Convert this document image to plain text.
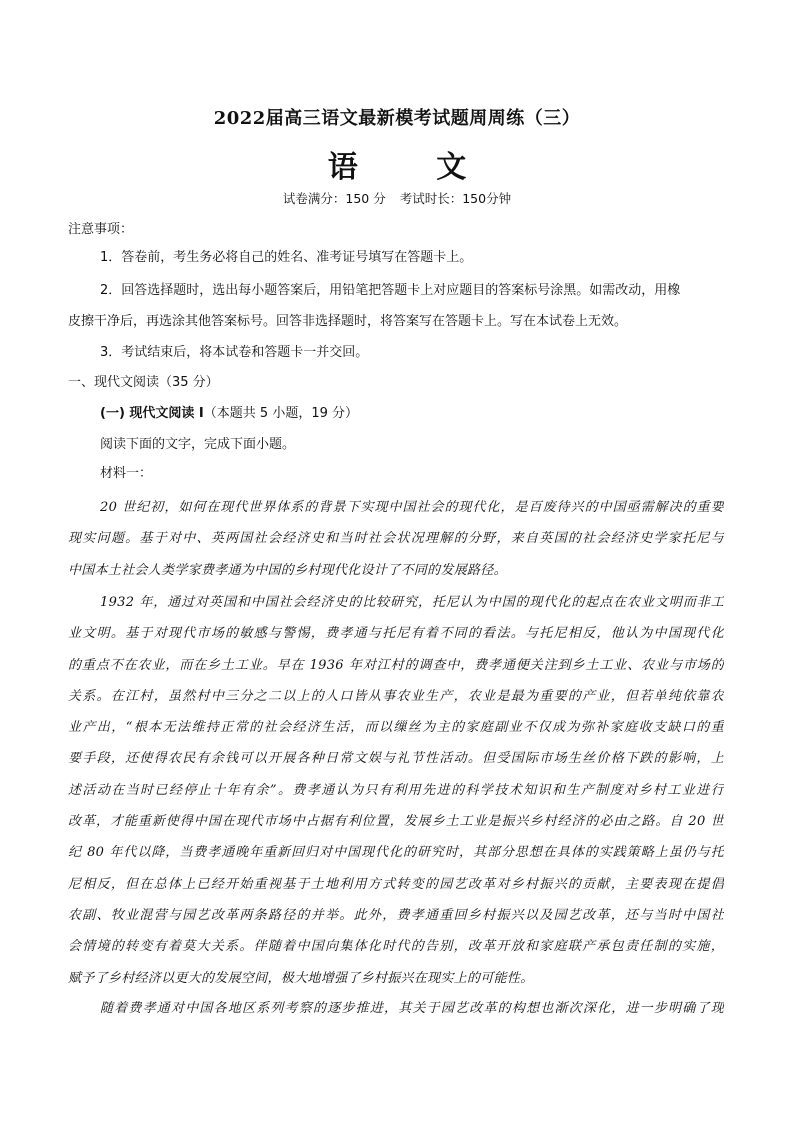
2022届高三语文最新模考试题周周练（三）
语 文
试卷满分：150 分 考试时长：150分钟
注意事项：
1．答卷前，考生务必将自己的姓名、准考证号填写在答题卡上。
2．回答选择题时，选出每小题答案后，用铅笔把答题卡上对应题目的答案标号涂黑。如需改动，用橡
皮擦干净后，再选涂其他答案标号。回答非选择题时，将答案写在答题卡上。写在本试卷上无效。
3．考试结束后，将本试卷和答题卡一并交回。
一、现代文阅读（35 分）
(一) 现代文阅读 I（本题共 5 小题，19 分）
阅读下面的文字，完成下面小题。
材料一：
20 世纪初，如何在现代世界体系的背景下实现中国社会的现代化，是百废待兴的中国亟需解决的重要
现实问题。基于对中、英两国社会经济史和当时社会状况理解的分野，来自英国的社会经济史学家托尼与
中国本土社会人类学家费孝通为中国的乡村现代化设计了不同的发展路径。
1932 年，通过对英国和中国社会经济史的比较研究，托尼认为中国的现代化的起点在农业文明而非工
业文明。基于对现代市场的敏感与警惕，费孝通与托尼有着不同的看法。与托尼相反，他认为中国现代化
的重点不在农业，而在乡土工业。早在 1936 年对江村的调查中，费孝通便关注到乡土工业、农业与市场的
关系。在江村，虽然村中三分之二以上的人口皆从事农业生产，农业是最为重要的产业，但若单纯依靠农
业产出，“根本无法维持正常的社会经济生活，而以缫丝为主的家庭副业不仅成为弥补家庭收支缺口的重
要手段，还使得农民有余钱可以开展各种日常文娱与礼节性活动。但受国际市场生丝价格下跌的影响，上
述活动在当时已经停止十年有余”。费孝通认为只有利用先进的科学技术知识和生产制度对乡村工业进行
改革，才能重新使得中国在现代市场中占据有利位置，发展乡土工业是振兴乡村经济的必由之路。自 20 世
纪 80 年代以降，当费孝通晚年重新回归对中国现代化的研究时，其部分思想在具体的实践策略上虽仍与托
尼相反，但在总体上已经开始重视基于土地利用方式转变的园艺改革对乡村振兴的贡献，主要表现在提倡
农副、牧业混营与园艺改革两条路径的并举。此外，费孝通重回乡村振兴以及园艺改革，还与当时中国社
会情境的转变有着莫大关系。伴随着中国向集体化时代的告别，改革开放和家庭联产承包责任制的实施，
赋予了乡村经济以更大的发展空间，极大地增强了乡村振兴在现实上的可能性。
随着费孝通对中国各地区系列考察的逐步推进，其关于园艺改革的构想也渐次深化，进一步明确了现
